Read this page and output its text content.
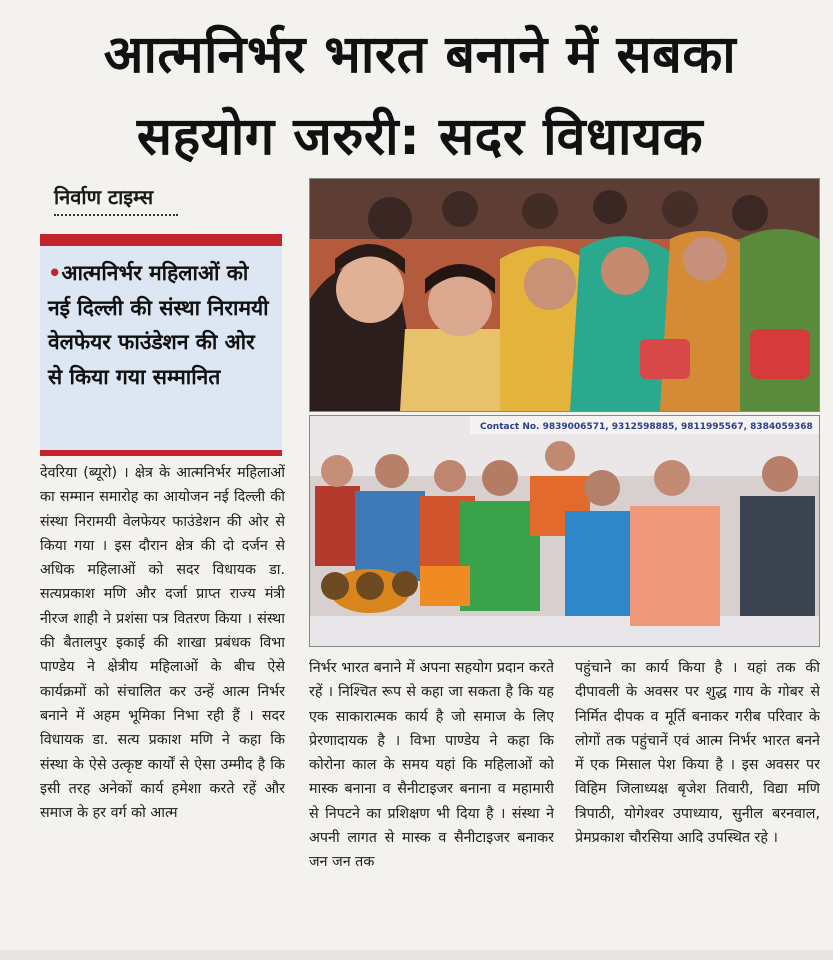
आत्मनिर्भर भारत बनाने में सबका
सहयोग जरुरी: सदर विधायक
निर्वाण टाइम्स
•आत्मनिर्भर महिलाओं को नई दिल्ली की संस्था निरामयी वेलफेयर फाउंडेशन की ओर से किया गया सम्मानित
देवरिया (ब्यूरो) । क्षेत्र के आत्मनिर्भर महिलाओं का सम्मान समारोह का आयोजन नई दिल्ली की संस्था निरामयी वेलफेयर फाउंडेशन की ओर से किया गया । इस दौरान क्षेत्र की दो दर्जन से अधिक महिलाओं को सदर विधायक डा. सत्यप्रकाश मणि और दर्जा प्राप्त राज्य मंत्री नीरज शाही ने प्रशंसा पत्र वितरण किया । संस्था की बैतालपुर इकाई की शाखा प्रबंधक विभा पाण्डेय ने क्षेत्रीय महिलाओं के बीच ऐसे कार्यक्रमों को संचालित कर उन्हें आत्म निर्भर बनाने में अहम भूमिका निभा रही हैं । सदर विधायक डा. सत्य प्रकाश मणि ने कहा कि संस्था के ऐसे उत्कृष्ट कार्यों से ऐसा उम्मीद है कि इसी तरह अनेकों कार्य हमेशा करते रहें और समाज के हर वर्ग को आत्म
Contact No. 9839006571, 9312598885, 9811995567, 8384059368
निर्भर भारत बनाने में अपना सहयोग प्रदान करते रहें । निश्चित रूप से कहा जा सकता है कि यह एक साकारात्मक कार्य है जो समाज के लिए प्रेरणादायक है । विभा पाण्डेय ने कहा कि कोरोना काल के समय यहां कि महिलाओं को मास्क बनाना व सैनीटाइजर बनाना व महामारी से निपटने का प्रशिक्षण भी दिया है । संस्था ने अपनी लागत से मास्क व सैनीटाइजर बनाकर जन जन तक
पहुंचाने का कार्य किया है । यहां तक की दीपावली के अवसर पर शुद्ध गाय के गोबर से निर्मित दीपक व मूर्ति बनाकर गरीब परिवार के लोगों तक पहुंचानें एवं आत्म निर्भर भारत बनने में एक मिसाल पेश किया है । इस अवसर पर विहिम जिलाध्यक्ष बृजेश तिवारी, विद्या मणि त्रिपाठी, योगेश्वर उपाध्याय, सुनील बरनवाल, प्रेमप्रकाश चौरसिया आदि उपस्थित रहे ।
